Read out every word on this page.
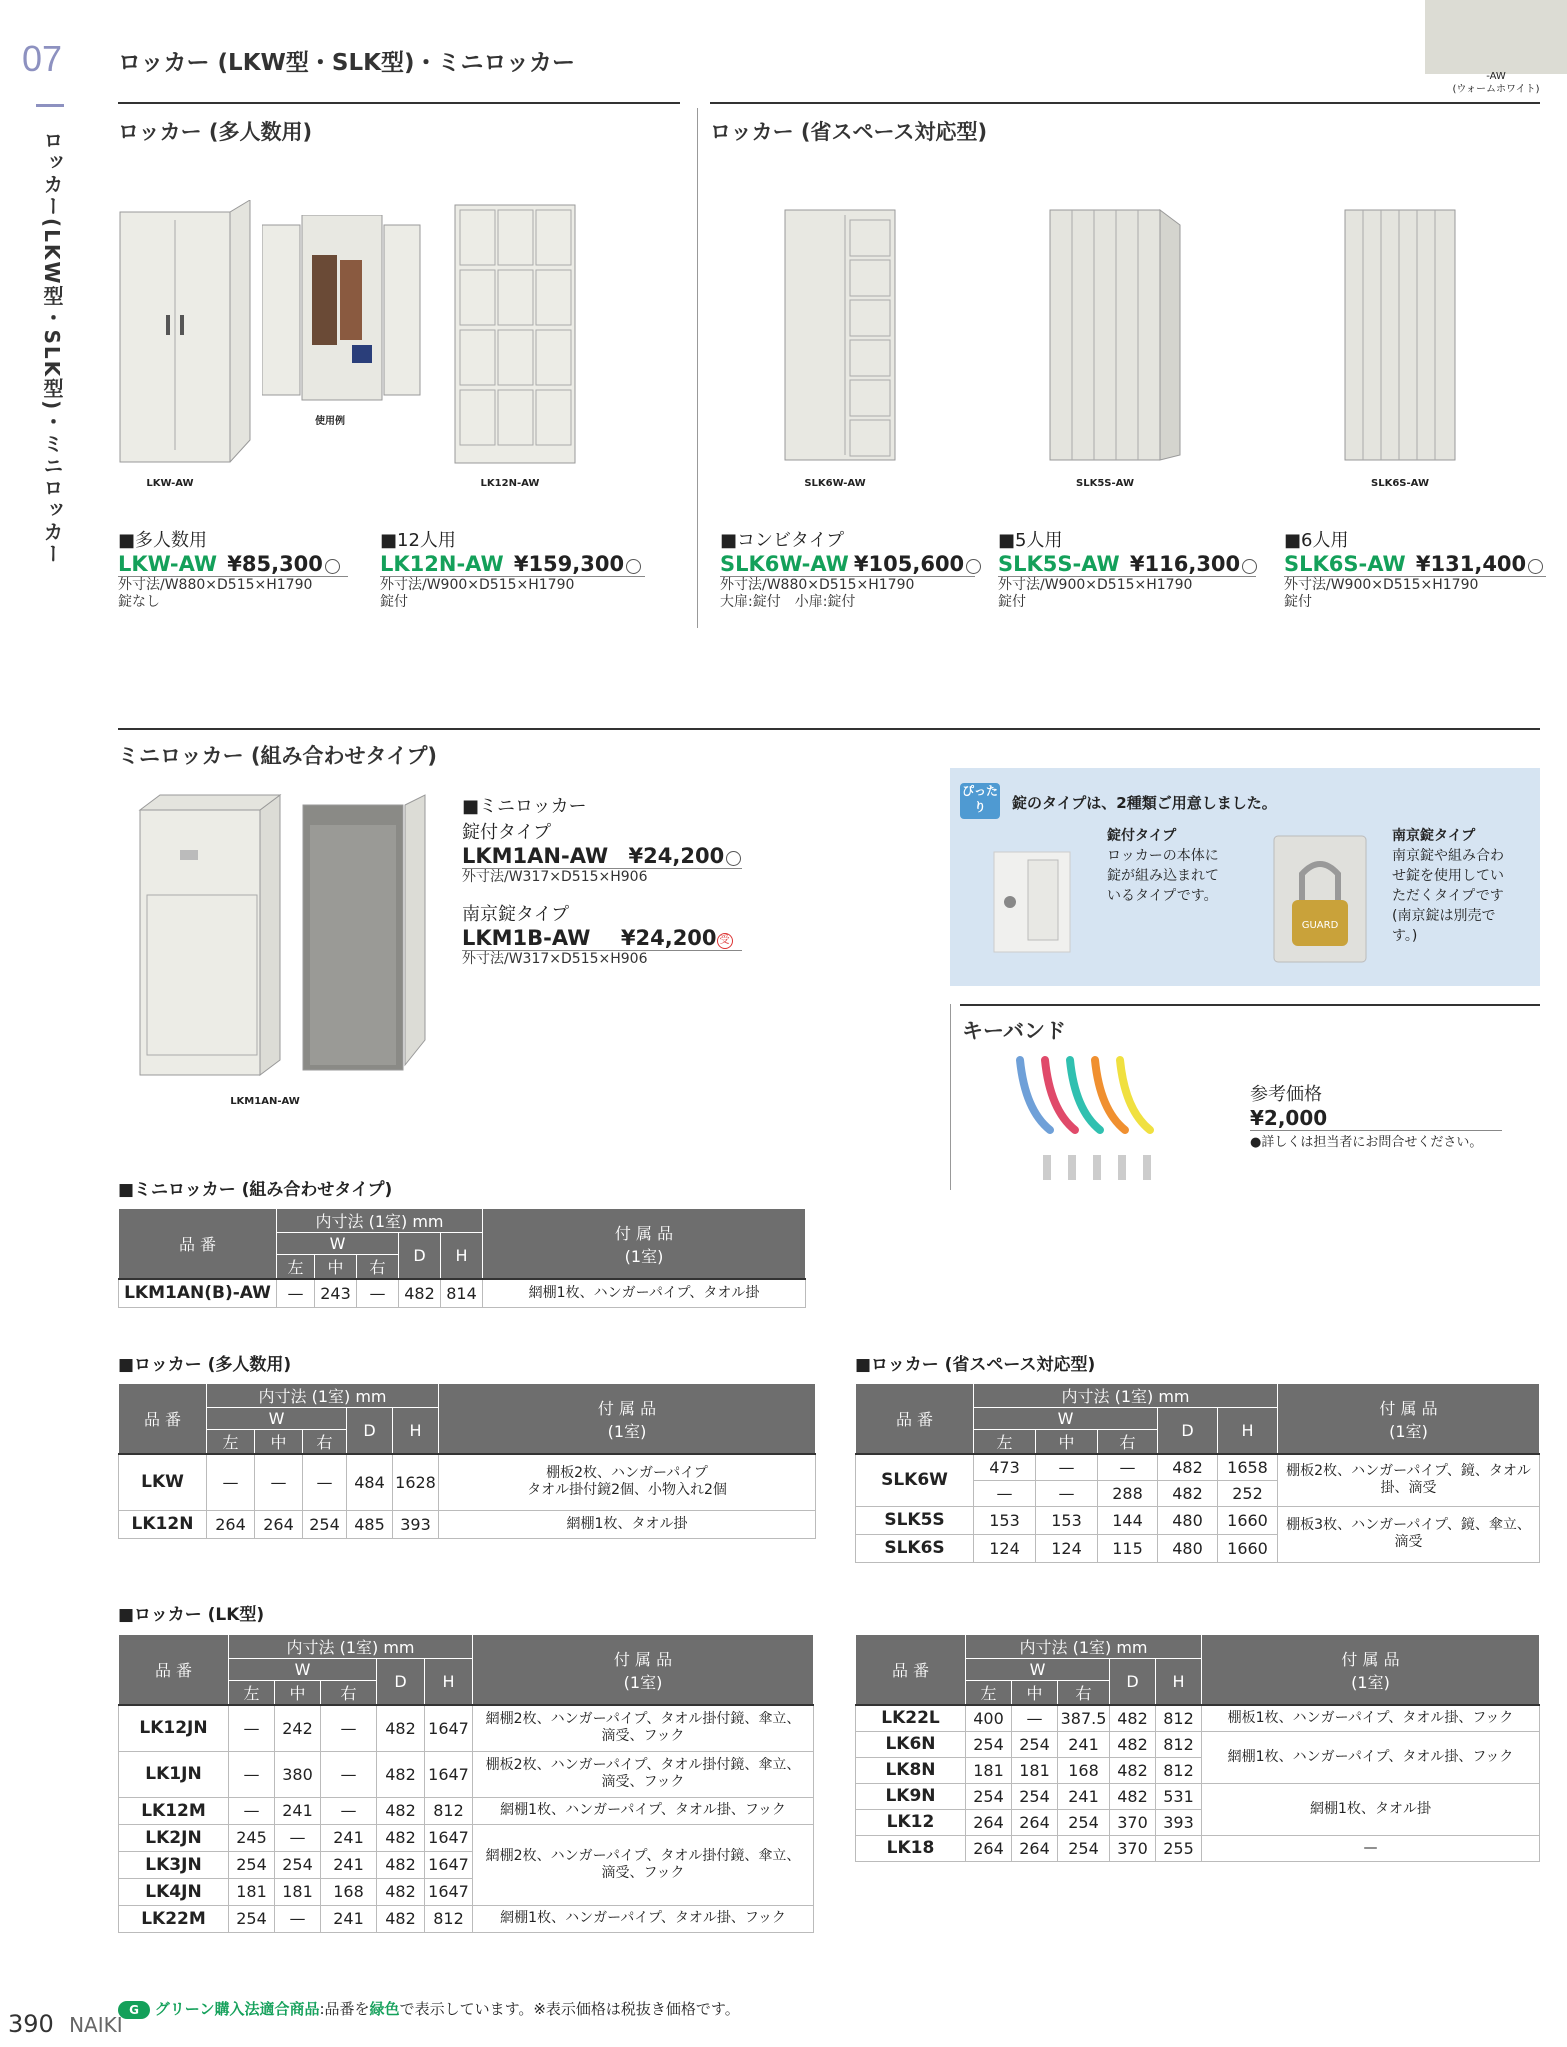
07
ロッカー(LKW型・SLK型)・ミニロッカー
ロッカー (LKW型・SLK型)・ミニロッカー
-AW
(ウォームホワイト)
ロッカー (多人数用)	ロッカー (省スペース対応型)
LKW-AW
使用例
LK12N-AW	SLK6W-AW	SLK5S-AW	SLK6S-AW
■多人数用
LKW-AW ¥85,300
外寸法/W880×D515×H1790
錠なし
■12人用
LK12N-AW ¥159,300
外寸法/W900×D515×H1790
錠付
■コンビタイプ
SLK6W-AW ¥105,600
外寸法/W880×D515×H1790
大扉:錠付　小扉:錠付
■5人用
SLK5S-AW ¥116,300
外寸法/W900×D515×H1790
錠付
■6人用
SLK6S-AW ¥131,400
外寸法/W900×D515×H1790
錠付
ミニロッカー (組み合わせタイプ)
LKM1AN-AW
■ミニロッカー
錠付タイプ
LKM1AN-AW ¥24,200
外寸法/W317×D515×H906
南京錠タイプ
LKM1B-AW ¥24,200 受
外寸法/W317×D515×H906
ぴったり	錠のタイプは、2種類ご用意しました。
錠付タイプ
ロッカーの本体に
錠が組み込まれて
いるタイプです。
GUARD
南京錠タイプ
南京錠や組み合わ
せ錠を使用してい
ただくタイプです
(南京錠は別売で
す。)
キーバンド
参考価格
¥2,000
●詳しくは担当者にお問合せください。
■ミニロッカー (組み合わせタイプ)
品 番	内寸法 (1室) mm					付 属 品
(1室)

	W			D	H	
	左	中	右			
LKM1AN(B)-AW	—	243	—	482	814	網棚1枚、ハンガーパイプ、タオル掛
■ロッカー (多人数用)
品 番	内寸法 (1室) mm					付 属 品
(1室)

	W			D	H	
	左	中	右			
LKW	—	—	—	484	1628	棚板2枚、ハンガーパイプ
タオル掛付鏡2個、小物入れ2個

LK12N	264	264	254	485	393	網棚1枚、タオル掛
■ロッカー (省スペース対応型)
品 番	内寸法 (1室) mm					付 属 品
(1室)

	W			D	H	
	左	中	右			
SLK6W	473	—	—	482	1658	棚板2枚、ハンガーパイプ、鏡、タオル
掛、滴受

	—	—	288	482	252	
SLK5S	153	153	144	480	1660	棚板3枚、ハンガーパイプ、鏡、傘立、
滴受

SLK6S	124	124	115	480	1660	
■ロッカー (LK型)
品 番	内寸法 (1室) mm					付 属 品
(1室)

	W			D	H	
	左	中	右			
LK12JN	—	242	—	482	1647	網棚2枚、ハンガーパイプ、タオル掛付鏡、傘立、
滴受、フック

LK1JN	—	380	—	482	1647	棚板2枚、ハンガーパイプ、タオル掛付鏡、傘立、
滴受、フック

LK12M	—	241	—	482	812	網棚1枚、ハンガーパイプ、タオル掛、フック
LK2JN	245	—	241	482	1647	網棚2枚、ハンガーパイプ、タオル掛付鏡、傘立、
滴受、フック

LK3JN	254	254	241	482	1647	
LK4JN	181	181	168	482	1647	
LK22M	254	—	241	482	812	網棚1枚、ハンガーパイプ、タオル掛、フック
品 番	内寸法 (1室) mm					付 属 品
(1室)

	W			D	H	
	左	中	右			
LK22L	400	—	387.5	482	812	棚板1枚、ハンガーパイプ、タオル掛、フック
LK6N	254	254	241	482	812	網棚1枚、ハンガーパイプ、タオル掛、フック
LK8N	181	181	168	482	812	
LK9N	254	254	241	482	531	網棚1枚、タオル掛
LK12	264	264	254	370	393	
LK18	264	264	254	370	255	—
G グリーン購入法適合商品:品番を緑色で表示しています。※表示価格は税抜き価格です。
390 NAIKI
